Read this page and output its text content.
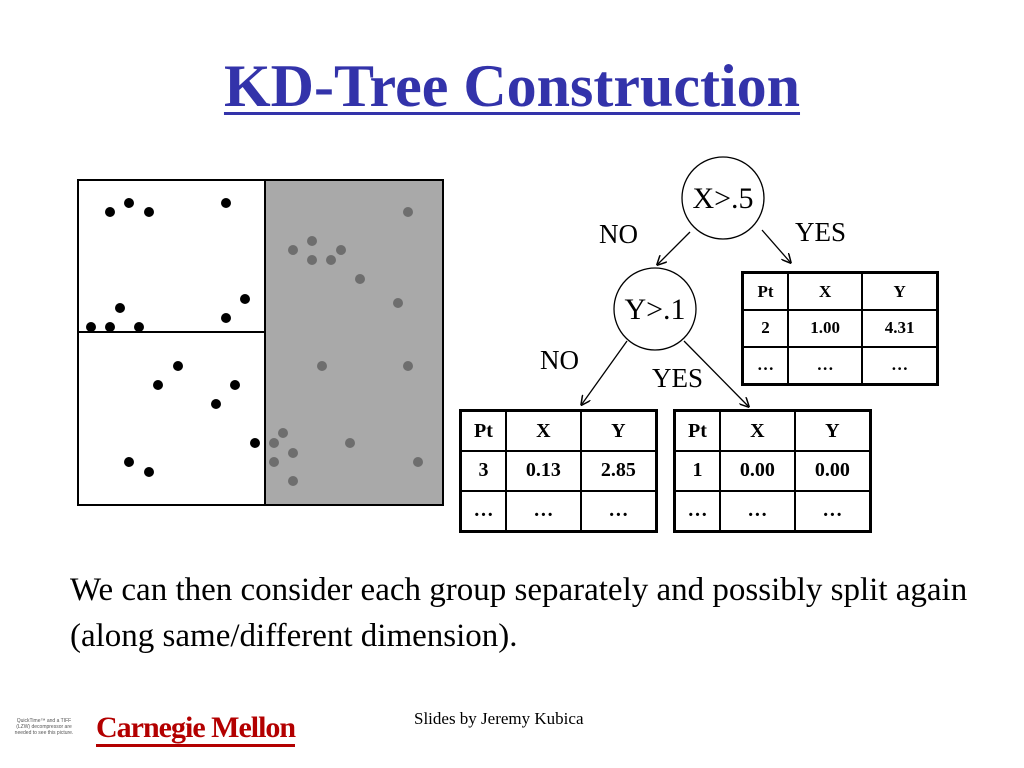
KD-Tree Construction
X>.5
Y>.1
NO	YES
NO
YES
Pt	X	Y
2	1.00	4.31
…	…	…
Pt	X	Y
3	0.13	2.85
…	…	…
Pt	X	Y
1	0.00	0.00
…	…	…
We can then consider each group separately and possibly split again (along same/different dimension).
Slides by Jeremy Kubica
QuickTime™ and a TIFF (LZW) decompressor are needed to see this picture. Carnegie Mellon
